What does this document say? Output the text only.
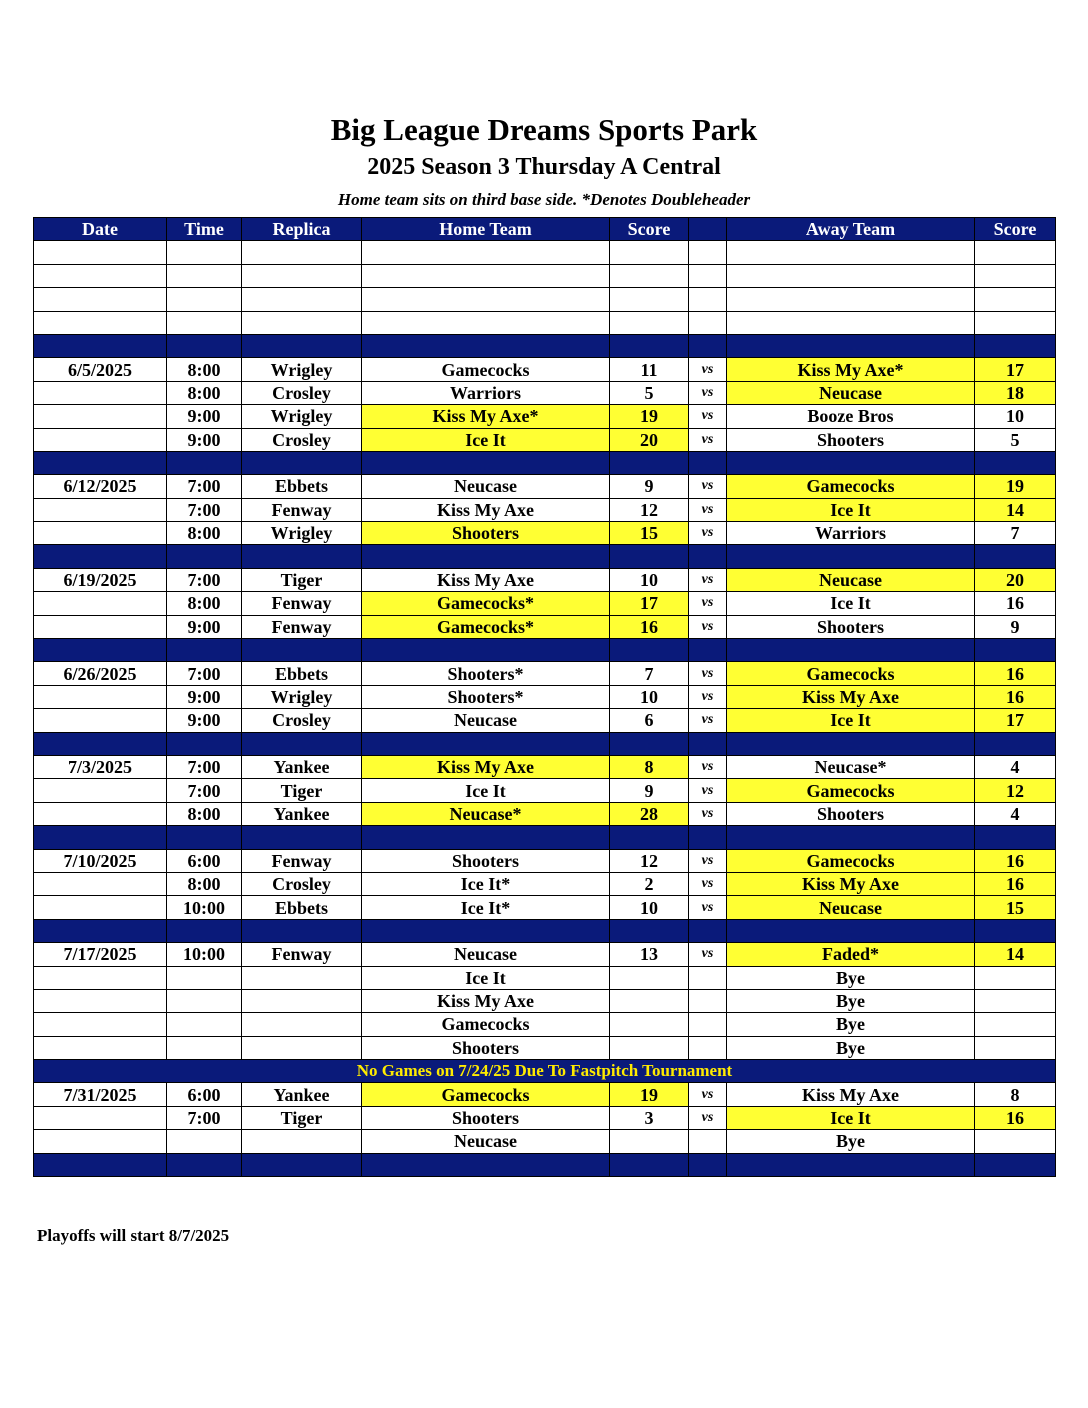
Big League Dreams Sports Park
2025 Season 3 Thursday A Central
Home team sits on third base side. *Denotes Doubleheader
Date	Time	Replica	Home Team	Score		Away Team	Score

6/5/2025	8:00	Wrigley	Gamecocks	11	vs	Kiss My Axe*	17
	8:00	Crosley	Warriors	5	vs	Neucase	18
	9:00	Wrigley	Kiss My Axe*	19	vs	Booze Bros	10
	9:00	Crosley	Ice It	20	vs	Shooters	5

6/12/2025	7:00	Ebbets	Neucase	9	vs	Gamecocks	19
	7:00	Fenway	Kiss My Axe	12	vs	Ice It	14
	8:00	Wrigley	Shooters	15	vs	Warriors	7

6/19/2025	7:00	Tiger	Kiss My Axe	10	vs	Neucase	20
	8:00	Fenway	Gamecocks*	17	vs	Ice It	16
	9:00	Fenway	Gamecocks*	16	vs	Shooters	9

6/26/2025	7:00	Ebbets	Shooters*	7	vs	Gamecocks	16
	9:00	Wrigley	Shooters*	10	vs	Kiss My Axe	16
	9:00	Crosley	Neucase	6	vs	Ice It	17

7/3/2025	7:00	Yankee	Kiss My Axe	8	vs	Neucase*	4
	7:00	Tiger	Ice It	9	vs	Gamecocks	12
	8:00	Yankee	Neucase*	28	vs	Shooters	4

7/10/2025	6:00	Fenway	Shooters	12	vs	Gamecocks	16
	8:00	Crosley	Ice It*	2	vs	Kiss My Axe	16
	10:00	Ebbets	Ice It*	10	vs	Neucase	15

7/17/2025	10:00	Fenway	Neucase	13	vs	Faded*	14
			Ice It			Bye	
			Kiss My Axe			Bye	
			Gamecocks			Bye	
			Shooters			Bye	
No Games on 7/24/25 Due To Fastpitch Tournament							
7/31/2025	6:00	Yankee	Gamecocks	19	vs	Kiss My Axe	8
	7:00	Tiger	Shooters	3	vs	Ice It	16
			Neucase			Bye	

Playoffs will start 8/7/2025
